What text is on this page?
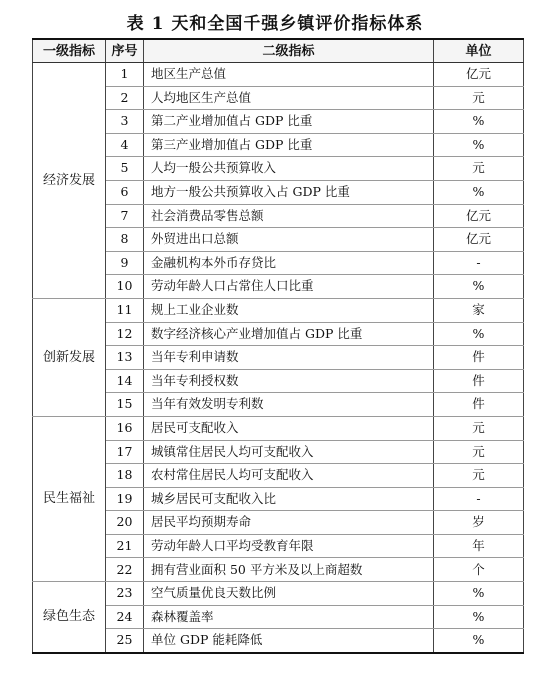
表 1 天和全国千强乡镇评价指标体系
一级指标	序号	二级指标	单位
经济发展	1	地区生产总值	亿元
	2	人均地区生产总值	元
	3	第二产业增加值占 GDP 比重	%
	4	第三产业增加值占 GDP 比重	%
	5	人均一般公共预算收入	元
	6	地方一般公共预算收入占 GDP 比重	%
	7	社会消费品零售总额	亿元
	8	外贸进出口总额	亿元
	9	金融机构本外币存贷比	-
	10	劳动年龄人口占常住人口比重	%
创新发展	11	规上工业企业数	家
	12	数字经济核心产业增加值占 GDP 比重	%
	13	当年专利申请数	件
	14	当年专利授权数	件
	15	当年有效发明专利数	件
民生福祉	16	居民可支配收入	元
	17	城镇常住居民人均可支配收入	元
	18	农村常住居民人均可支配收入	元
	19	城乡居民可支配收入比	-
	20	居民平均预期寿命	岁
	21	劳动年龄人口平均受教育年限	年
	22	拥有营业面积 50 平方米及以上商超数	个
绿色生态	23	空气质量优良天数比例	%
	24	森林覆盖率	%
	25	单位 GDP 能耗降低	%
